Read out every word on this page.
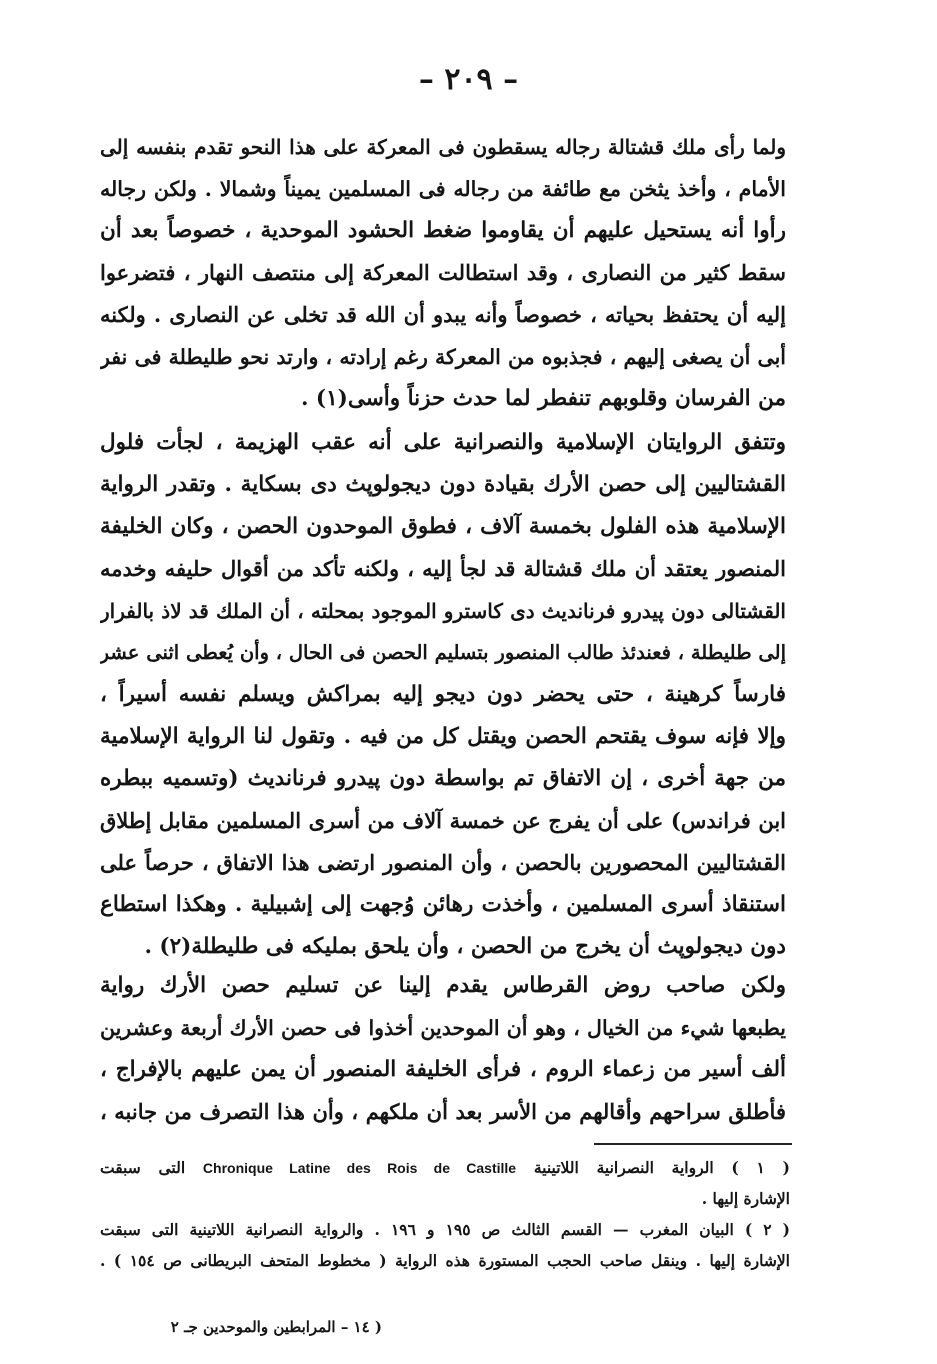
– ٢٠٩ –
ولما رأى ملك قشتالة رجاله يسقطون فى المعركة على هذا النحو تقدم بنفسه إلى
الأمام ، وأخذ يثخن مع طائفة من رجاله فى المسلمين يميناً وشمالا . ولكن رجاله
رأوا أنه يستحيل عليهم أن يقاوموا ضغط الحشود الموحدية ، خصوصاً بعد أن
سقط كثير من النصارى ، وقد استطالت المعركة إلى منتصف النهار ، فتضرعوا
إليه أن يحتفظ بحياته ، خصوصاً وأنه يبدو أن الله قد تخلى عن النصارى . ولكنه
أبى أن يصغى إليهم ، فجذبوه من المعركة رغم إرادته ، وارتد نحو طليطلة فى نفر
من الفرسان وقلوبهم تنفطر لما حدث حزناً وأسى(١) .
وتتفق الروايتان الإسلامية والنصرانية على أنه عقب الهزيمة ، لجأت فلول
القشتاليين إلى حصن الأرك بقيادة دون ديجولوپث دى بسكاية . وتقدر الرواية
الإسلامية هذه الفلول بخمسة آلاف ، فطوق الموحدون الحصن ، وكان الخليفة
المنصور يعتقد أن ملك قشتالة قد لجأ إليه ، ولكنه تأكد من أقوال حليفه وخدمه
القشتالى دون پيدرو فرنانديث دى كاسترو الموجود بمحلته ، أن الملك قد لاذ بالفرار
إلى طليطلة ، فعندئذ طالب المنصور بتسليم الحصن فى الحال ، وأن يُعطى اثنى عشر
فارساً كرهينة ، حتى يحضر دون ديجو إليه بمراكش ويسلم نفسه أسيراً ،
وإلا فإنه سوف يقتحم الحصن ويقتل كل من فيه . وتقول لنا الرواية الإسلامية
من جهة أخرى ، إن الاتفاق تم بواسطة دون پيدرو فرنانديث (وتسميه ببطره
ابن فراندس) على أن يفرج عن خمسة آلاف من أسرى المسلمين مقابل إطلاق
القشتاليين المحصورين بالحصن ، وأن المنصور ارتضى هذا الاتفاق ، حرصاً على
استنقاذ أسرى المسلمين ، وأخذت رهائن وُجهت إلى إشبيلية . وهكذا استطاع
دون ديجولوپث أن يخرج من الحصن ، وأن يلحق بمليكه فى طليطلة(٢) .
ولكن صاحب روض القرطاس يقدم إلينا عن تسليم حصن الأرك رواية
يطبعها شيء من الخيال ، وهو أن الموحدين أخذوا فى حصن الأرك أربعة وعشرين
ألف أسير من زعماء الروم ، فرأى الخليفة المنصور أن يمن عليهم بالإفراج ،
فأطلق سراحهم وأقالهم من الأسر بعد أن ملكهم ، وأن هذا التصرف من جانبه ،
( ١ ) الرواية النصرانية اللاتينية Chronique Latine des Rois de Castille التى سبقت
الإشارة إليها .
( ٢ ) البيان المغرب — القسم الثالث ص ١٩٥ و ١٩٦ . والرواية النصرانية اللاتينية التى سبقت
الإشارة إليها . وينقل صاحب الحجب المستورة هذه الرواية ( مخطوط المتحف البريطانى ص ١٥٤ ) .
( ١٤ – المرابطين والموحدين جـ ٢
